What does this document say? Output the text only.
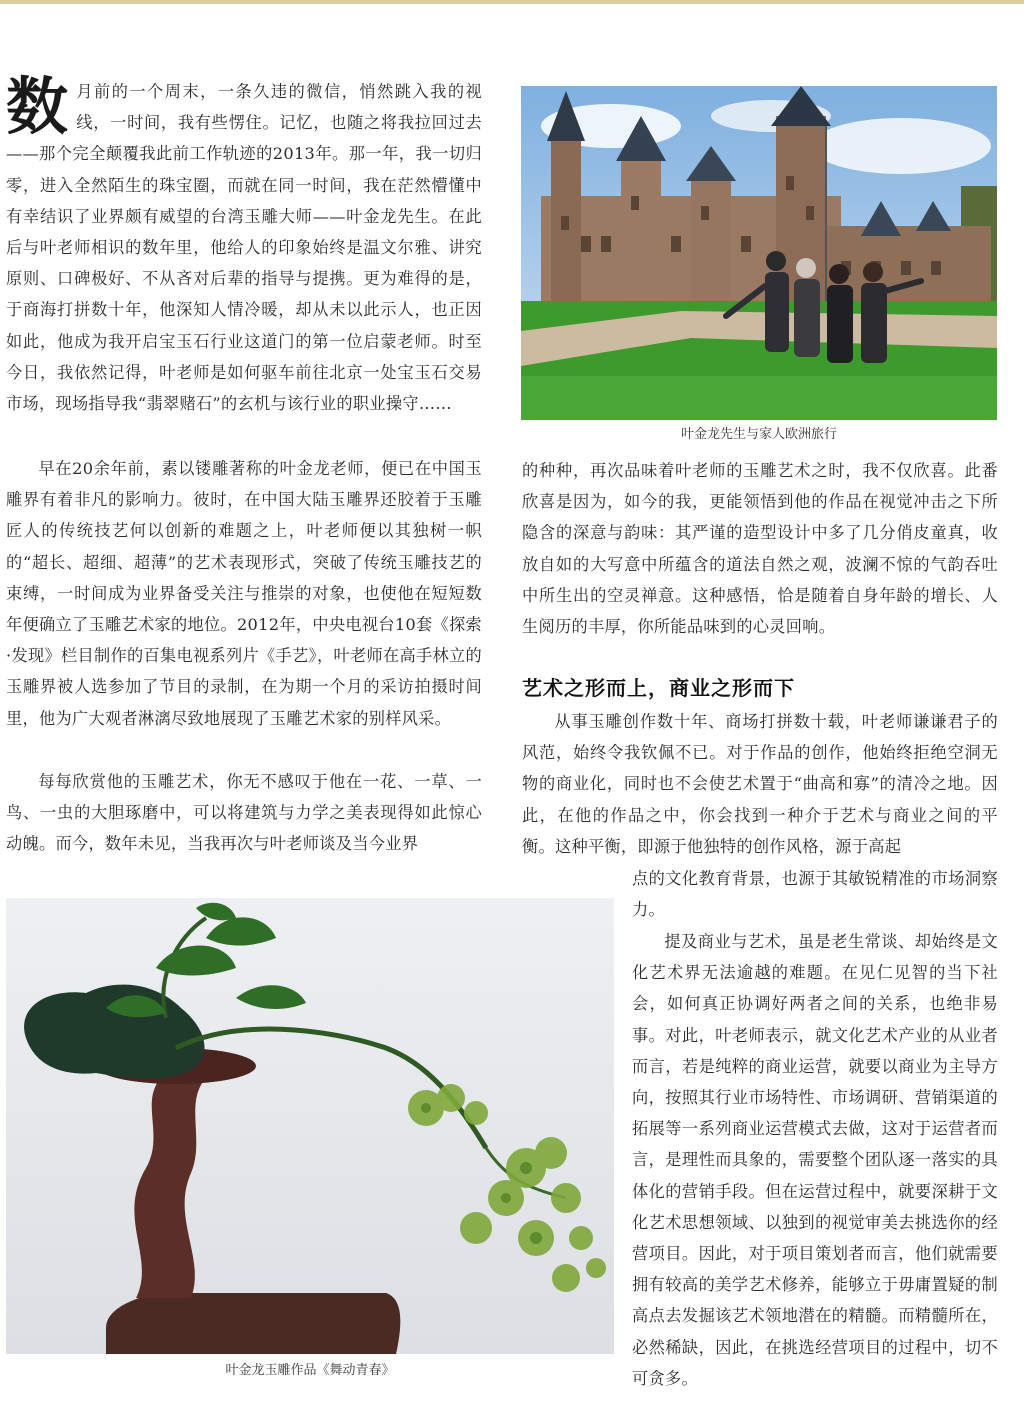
数月前的一个周末，一条久违的微信，悄然跳入我的视线，一时间，我有些愣住。记忆，也随之将我拉回过去——那个完全颠覆我此前工作轨迹的2013年。那一年，我一切归零，进入全然陌生的珠宝圈，而就在同一时间，我在茫然懵懂中有幸结识了业界颇有威望的台湾玉雕大师——叶金龙先生。在此后与叶老师相识的数年里，他给人的印象始终是温文尔雅、讲究原则、口碑极好、不从吝对后辈的指导与提携。更为难得的是，于商海打拼数十年，他深知人情冷暖，却从未以此示人，也正因如此，他成为我开启宝玉石行业这道门的第一位启蒙老师。时至今日，我依然记得，叶老师是如何驱车前往北京一处宝玉石交易市场，现场指导我“翡翠赌石”的玄机与该行业的职业操守……

早在20余年前，素以镂雕著称的叶金龙老师，便已在中国玉雕界有着非凡的影响力。彼时，在中国大陆玉雕界还胶着于玉雕匠人的传统技艺何以创新的难题之上，叶老师便以其独树一帜的“超长、超细、超薄”的艺术表现形式，突破了传统玉雕技艺的束缚，一时间成为业界备受关注与推崇的对象，也使他在短短数年便确立了玉雕艺术家的地位。2012年，中央电视台10套《探索·发现》栏目制作的百集电视系列片《手艺》，叶老师在高手林立的玉雕界被人选参加了节目的录制，在为期一个月的采访拍摄时间里，他为广大观者淋漓尽致地展现了玉雕艺术家的别样风采。

每每欣赏他的玉雕艺术，你无不感叹于他在一花、一草、一鸟、一虫的大胆琢磨中，可以将建筑与力学之美表现得如此惊心动魄。而今，数年未见，当我再次与叶老师谈及当今业界

叶金龙先生与家人欧洲旅行

的种种，再次品味着叶老师的玉雕艺术之时，我不仅欣喜。此番欣喜是因为，如今的我，更能领悟到他的作品在视觉冲击之下所隐含的深意与韵味：其严谨的造型设计中多了几分俏皮童真，收放自如的大写意中所蕴含的道法自然之观，波澜不惊的气韵吞吐中所生出的空灵禅意。这种感悟，恰是随着自身年龄的增长、人生阅历的丰厚，你所能品味到的心灵回响。

艺术之形而上，商业之形而下

从事玉雕创作数十年、商场打拼数十载，叶老师谦谦君子的风范，始终令我钦佩不已。对于作品的创作，他始终拒绝空洞无物的商业化，同时也不会使艺术置于“曲高和寡”的清冷之地。因此，在他的作品之中，你会找到一种介于艺术与商业之间的平衡。这种平衡，即源于他独特的创作风格，源于高起

叶金龙玉雕作品《舞动青春》

点的文化教育背景，也源于其敏锐精准的市场洞察力。

提及商业与艺术，虽是老生常谈、却始终是文化艺术界无法逾越的难题。在见仁见智的当下社会，如何真正协调好两者之间的关系，也绝非易事。对此，叶老师表示，就文化艺术产业的从业者而言，若是纯粹的商业运营，就要以商业为主导方向，按照其行业市场特性、市场调研、营销渠道的拓展等一系列商业运营模式去做，这对于运营者而言，是理性而具象的，需要整个团队逐一落实的具体化的营销手段。但在运营过程中，就要深耕于文化艺术思想领域、以独到的视觉审美去挑选你的经营项目。因此，对于项目策划者而言，他们就需要拥有较高的美学艺术修养，能够立于毋庸置疑的制高点去发掘该艺术领地潜在的精髓。而精髓所在，必然稀缺，因此，在挑选经营项目的过程中，切不可贪多。
